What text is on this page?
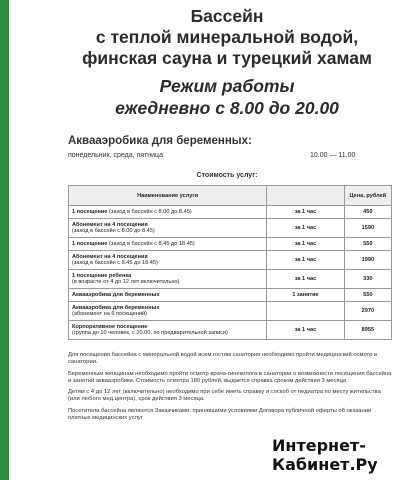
Бассейн
с теплой минеральной водой,
финская сауна и турецкий хамам
Режим работы
ежедневно с 8.00 до 20.00
Аквааэробика для беременных:
понедельник, среда, пятница	10.00 — 11.00
Стоимость услуг:
Наименование услуги		Цена, рублей
1 посещение (заход в бассейн с 8.00 до 8.45)	за 1 час	450

Абонемент на 4 посещения
(заход в бассейн с 8.00 до 8.45)	за 1 час	1590
1 посещение (заход в бассейн с 8.45 до 18.45)	за 1 час	550

Абонемент на 4 посещения
(заход в бассейн с 8.45 до 18.45)	за 1 час	1990

1 посещение ребенка
(в возрасте от 4 до 12 лет включительно)	за 1 час	330
Аквааэробика для беременных	1 занятие	550

Аквааэробика для беременных
(абонемент на 6 посещений)		2970

Корпоративное посещение
(группа до 10 человек, с 20.00, по предварительной записи)	за 1 час	8955

Для посещения бассейна с минеральной водой всем гостям санатория необходимо пройти медицинский осмотр в санатории.

Беременным женщинам необходимо пройти осмотр врача-гинеколога в санатории о возможности посещения бассейна и занятий аквааэробики. Стоимость осмотра 180 рублей, выдается справка сроком действия 3 месяца.

Детям с 4 до 12 лет (включительно) необходимо при себе иметь справку и соскоб от педиатра по месту жительства (или любого мед.центра), срок действия 3 месяца.

Посетители бассейна являются Заказчиками, принявшими условиями Договора публичной оферты об оказании платных медицинских услуг

Интернет-
Кабинет.Ру
